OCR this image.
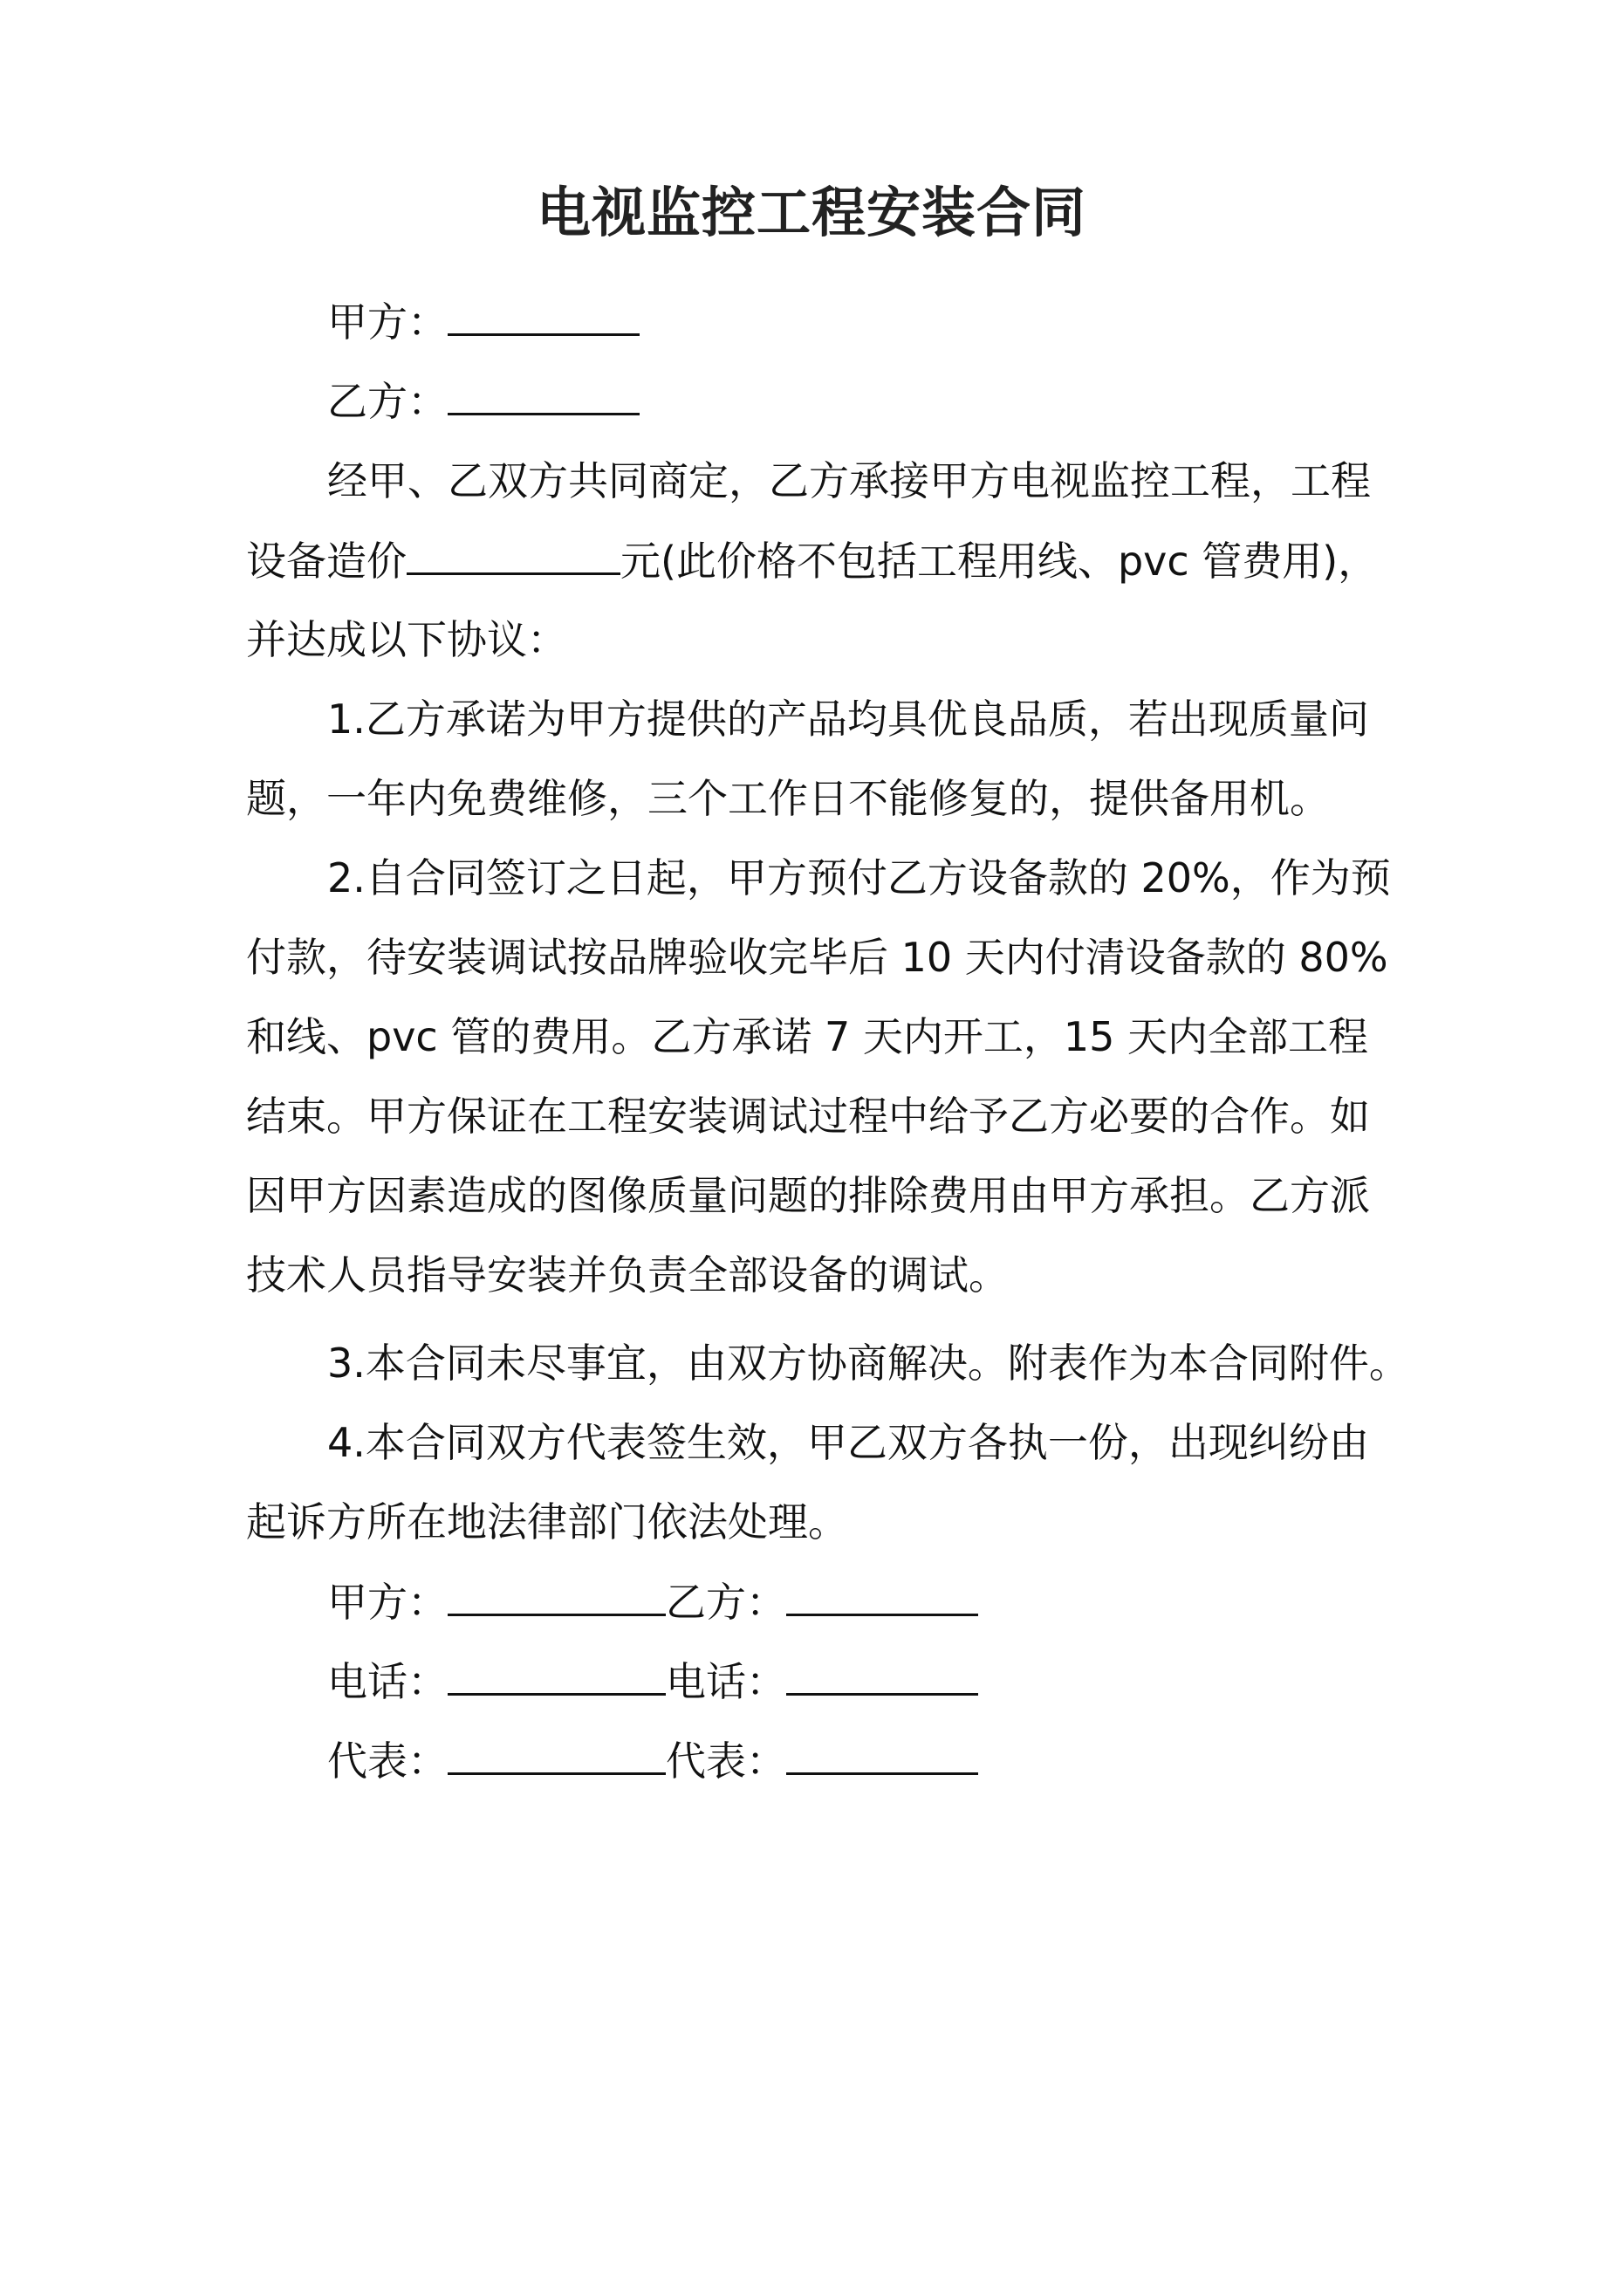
电视监控工程安装合同
甲方：
乙方：
经甲、乙双方共同商定，乙方承接甲方电视监控工程，工程
设备造价	元(此价格不包括工程用线、pvc 管费用)，
并达成以下协议：
1.乙方承诺为甲方提供的产品均具优良品质，若出现质量问
题，一年内免费维修，三个工作日不能修复的，提供备用机。
2.自合同签订之日起，甲方预付乙方设备款的 20%，作为预
付款，待安装调试按品牌验收完毕后 10 天内付清设备款的 80%
和线、pvc 管的费用。乙方承诺 7 天内开工，15 天内全部工程
结束。甲方保证在工程安装调试过程中给予乙方必要的合作。如
因甲方因素造成的图像质量问题的排除费用由甲方承担。乙方派
技术人员指导安装并负责全部设备的调试。
3.本合同未尽事宜，由双方协商解决。附表作为本合同附件。
4.本合同双方代表签生效，甲乙双方各执一份，出现纠纷由
起诉方所在地法律部门依法处理。
甲方：	乙方：
电话：	电话：
代表：	代表：
